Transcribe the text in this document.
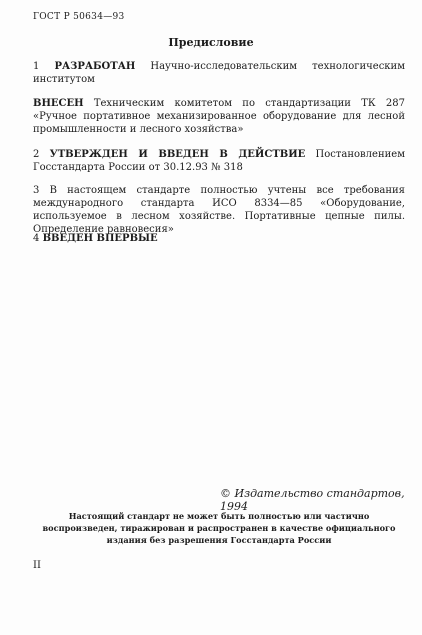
ГОСТ Р 50634—93
Предисловие
1 РАЗРАБОТАН Научно-исследовательским технологическим институтом
ВНЕСЕН Техническим комитетом по стандартизации ТК 287 «Ручное портативное механизированное оборудование для лесной промышленности и лесного хозяйства»
2 УТВЕРЖДЕН И ВВЕДЕН В ДЕЙСТВИЕ Постановлением Госстандарта России от 30.12.93 № 318
3 В настоящем стандарте полностью учтены все требования международного стандарта ИСО 8334—85 «Оборудование, используемое в лесном хозяйстве. Портативные цепные пилы. Определение равновесия»
4 ВВЕДЕН ВПЕРВЫЕ
© Издательство стандартов, 1994
Настоящий стандарт не может быть полностью или частично воспроизведен, тиражирован и распространен в качестве официального издания без разрешения Госстандарта России
II
